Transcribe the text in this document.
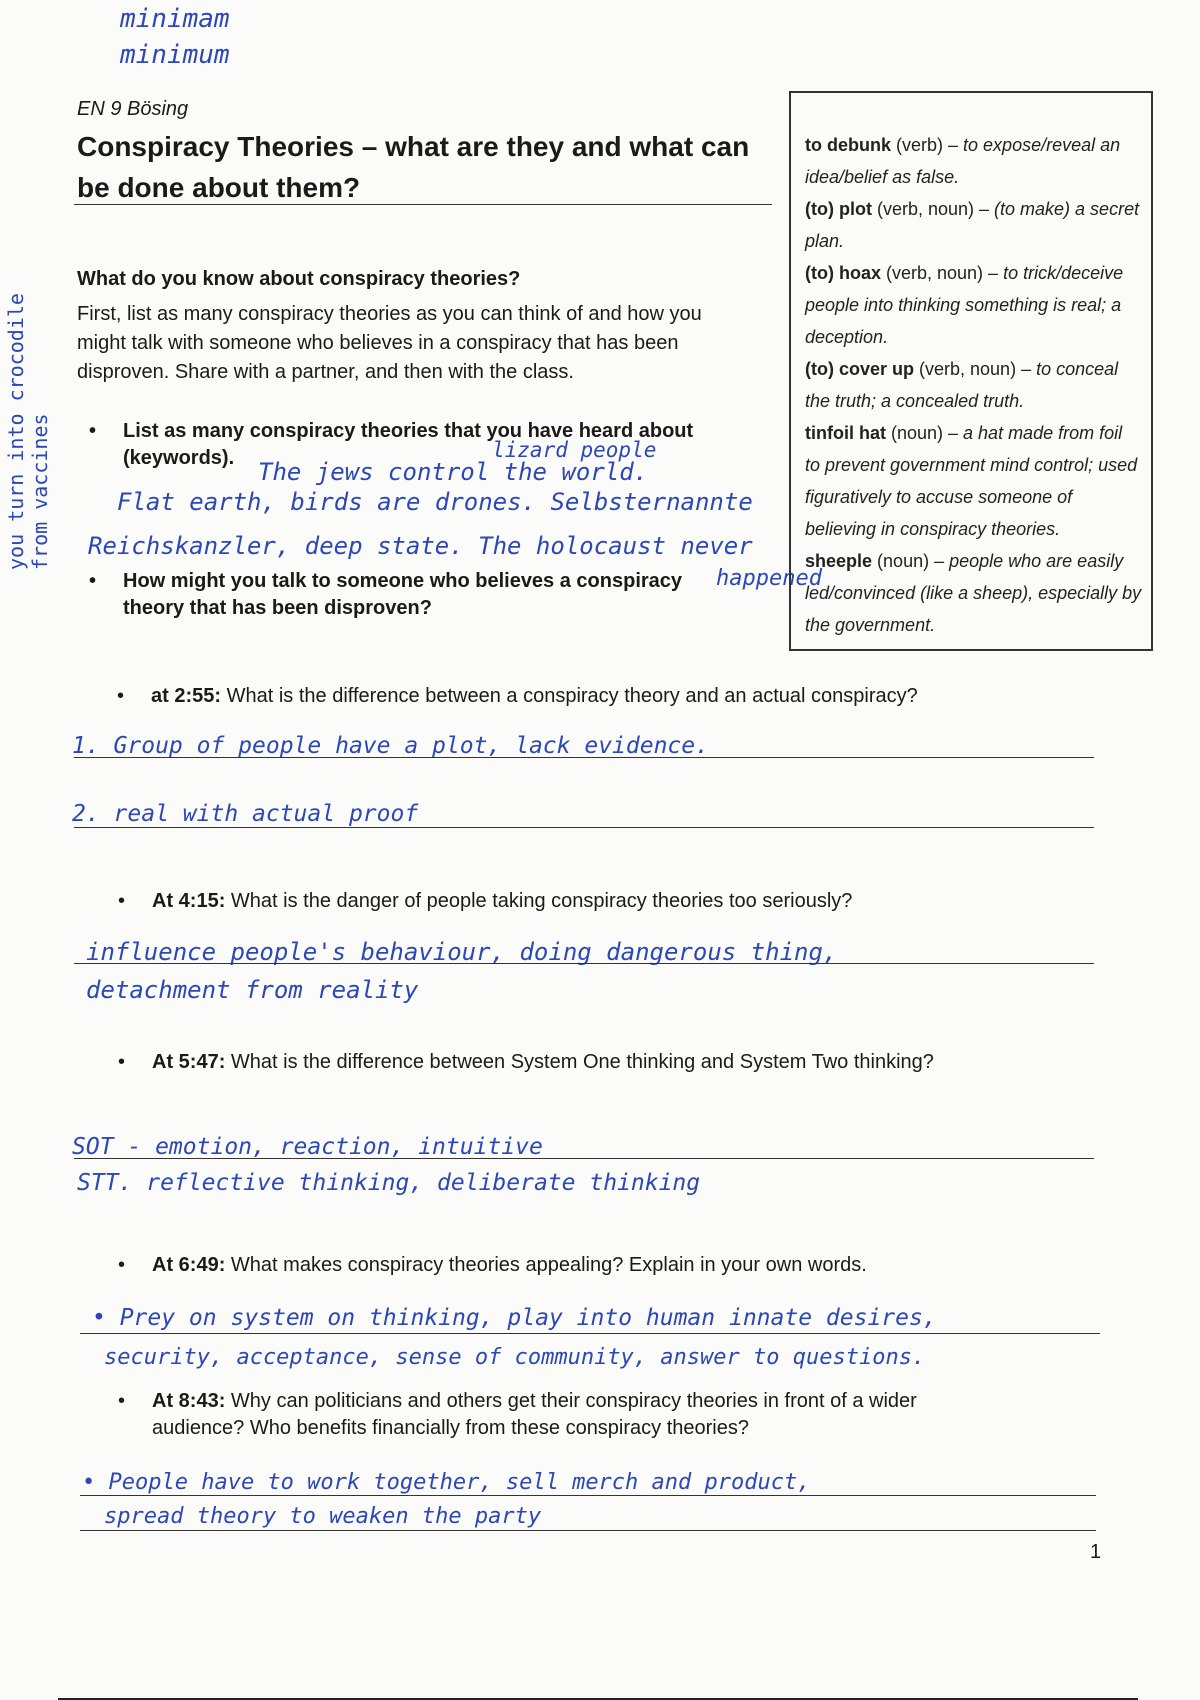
minimam
minimum
you turn into crocodile from vaccines
EN 9 Bösing
Conspiracy Theories – what are they and what can
be done about them?
What do you know about conspiracy theories?
First, list as many conspiracy theories as you can think of and how you
might talk with someone who believes in a conspiracy that has been
disproven. Share with a partner, and then with the class.
• List as many conspiracy theories that you have heard about
(keywords).	lizard people
The jews control the world.
Flat earth, birds are drones. Selbsternannte
Reichskanzler, deep state. The holocaust never
happened
• How might you talk to someone who believes a conspiracy
theory that has been disproven?
to debunk (verb) – to expose/reveal an
idea/belief as false.
(to) plot (verb, noun) – (to make) a secret
plan.
(to) hoax (verb, noun) – to trick/deceive
people into thinking something is real; a
deception.
(to) cover up (verb, noun) – to conceal
the truth; a concealed truth.
tinfoil hat (noun) – a hat made from foil
to prevent government mind control; used
figuratively to accuse someone of
believing in conspiracy theories.
sheeple (noun) – people who are easily
led/convinced (like a sheep), especially by
the government.
• at 2:55: What is the difference between a conspiracy theory and an actual conspiracy?
1. Group of people have a plot, lack evidence.
2. real with actual proof
• At 4:15: What is the danger of people taking conspiracy theories too seriously?
influence people's behaviour, doing dangerous thing,
detachment from reality
• At 5:47: What is the difference between System One thinking and System Two thinking?
SOT - emotion, reaction, intuitive
STT. reflective thinking, deliberate thinking
• At 6:49: What makes conspiracy theories appealing? Explain in your own words.
• Prey on system on thinking, play into human innate desires,
security, acceptance, sense of community, answer to questions.
• At 8:43: Why can politicians and others get their conspiracy theories in front of a wider
audience? Who benefits financially from these conspiracy theories?
• People have to work together, sell merch and product,
spread theory to weaken the party
1
